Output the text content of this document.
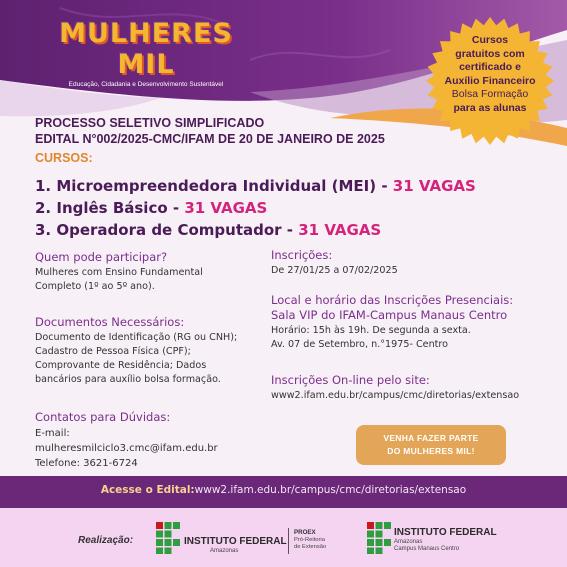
MULHERES MIL
Educação, Cidadania e Desenvolvimento Sustentável
Cursos
gratuitos com
certificado e
Auxílio Financeiro
Bolsa Formação
para as alunas
PROCESSO SELETIVO SIMPLIFICADO
EDITAL N°002/2025-CMC/IFAM DE 20 DE JANEIRO DE 2025
CURSOS:
1. Microempreendedora Individual (MEI) - 31 VAGAS
2. Inglês Básico - 31 VAGAS
3. Operadora de Computador - 31 VAGAS
Quem pode participar?
Mulheres com Ensino Fundamental
Completo (1º ao 5º ano).
Documentos Necessários:
Documento de Identificação (RG ou CNH);
Cadastro de Pessoa Física (CPF);
Comprovante de Residência; Dados
bancários para auxílio bolsa formação.
Contatos para Dúvidas:
E-mail:
mulheresmilciclo3.cmc@ifam.edu.br
Telefone: 3621-6724
Inscrições:
De 27/01/25 a 07/02/2025
Local e horário das Inscrições Presenciais:
Sala VIP do IFAM-Campus Manaus Centro
Horário: 15h às 19h. De segunda a sexta.
Av. 07 de Setembro, n.°1975- Centro
Inscrições On-line pelo site:
www2.ifam.edu.br/campus/cmc/diretorias/extensao
VENHA FAZER PARTE
DO MULHERES MIL!
Acesse o Edital:www2.ifam.edu.br/campus/cmc/diretorias/extensao
Realização:	INSTITUTO FEDERAL
Amazonas
PROEX
Pró-Reitoria
de Extensão
INSTITUTO FEDERAL
Amazonas
Campus Manaus Centro
